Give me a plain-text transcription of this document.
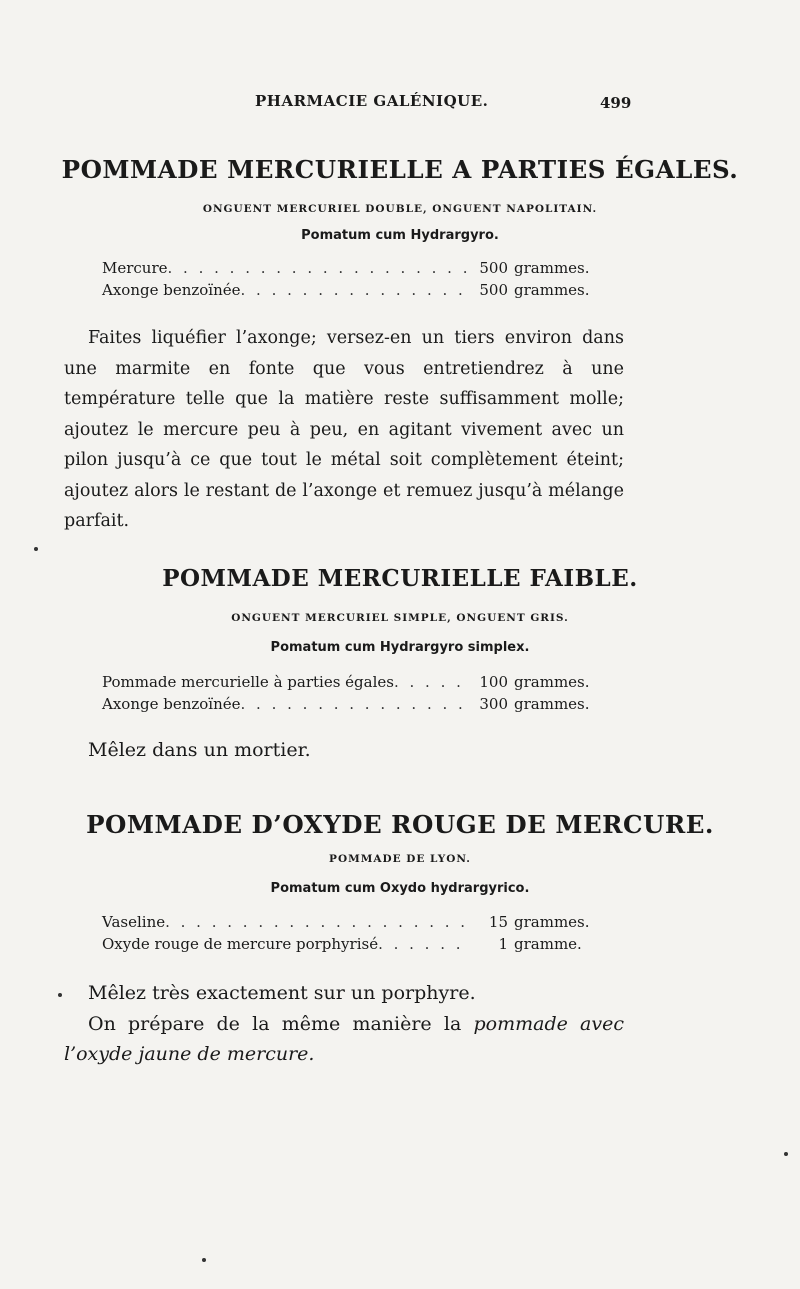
PHARMACIE GALÉNIQUE.	499
POMMADE MERCURIELLE A PARTIES ÉGALES.
ONGUENT MERCURIEL DOUBLE, ONGUENT NAPOLITAIN.
Pomatum cum Hydrargyro.
Mercure . . .	500 grammes.
Axonge benzoïnée . . .	500 grammes.

Faites liquéfier l’axonge; versez-en un tiers environ dans une marmite en fonte que vous entretiendrez à une température telle que la matière reste suffisamment molle; ajoutez le mercure peu à peu, en agitant vivement avec un pilon jusqu’à ce que tout le métal soit complètement éteint; ajoutez alors le restant de l’axonge et remuez jusqu’à mélange parfait.

POMMADE MERCURIELLE FAIBLE.
ONGUENT MERCURIEL SIMPLE, ONGUENT GRIS.
Pomatum cum Hydrargyro simplex.
Pommade mercurielle à parties égales . . .	100 grammes.
Axonge benzoïnée . . .	300 grammes.

Mêlez dans un mortier.

POMMADE D’OXYDE ROUGE DE MERCURE.
POMMADE DE LYON.
Pomatum cum Oxydo hydrargyrico.
Vaseline . . .	15 grammes.
Oxyde rouge de mercure porphyrisé . . .	1 gramme.

Mêlez très exactement sur un porphyre.

On prépare de la même manière la pommade avec l’oxyde jaune de mercure.
